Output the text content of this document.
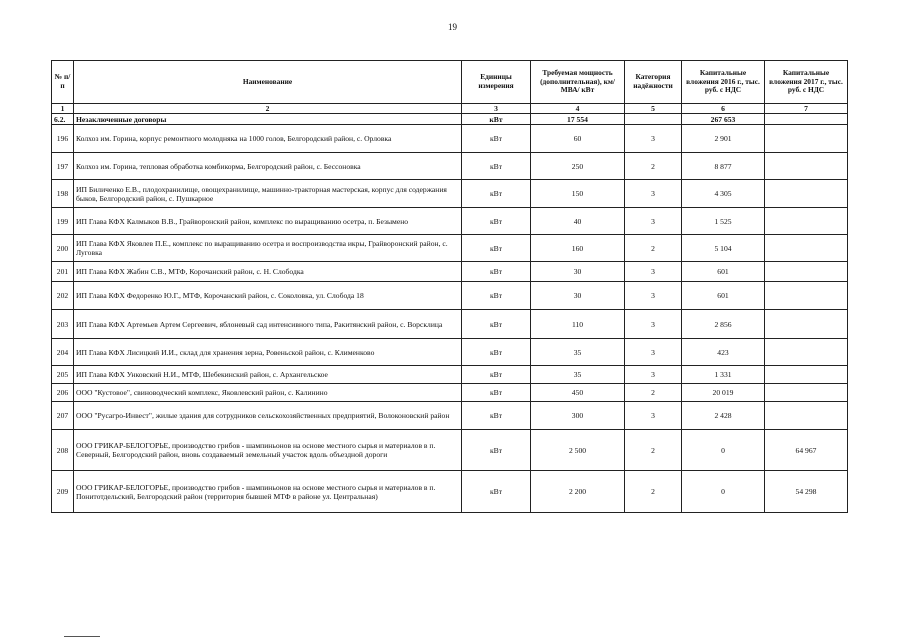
19
№ п/п	Наименование	Единицы измерения	Требуемая мощность (дополнительная), км/ МВА/ кВт	Категория надёжности	Капитальные вложения 2016 г., тыс. руб. с НДС	Капитальные вложения 2017 г., тыс. руб. с НДС
1	2	3	4	5	6	7
6.2.	Незаключенные договоры	кВт	17 554		267 653	
196	Колхоз им. Горина, корпус ремонтного молодняка на 1000 голов, Белгородский район, с. Орловка	кВт	60	3	2 901	
197	Колхоз им. Горина, тепловая обработка комбикорма, Белгородский район, с. Бессоновка	кВт	250	2	8 877	
198	ИП Биличенко Е.В., плодохранилище, овощехранилище, машинно-тракторная мастерская, корпус для содержания быков, Белгородский район, с. Пушкарное	кВт	150	3	4 305	
199	ИП Глава КФХ Калмыков В.В., Грайворонский район, комплекс по выращиванию осетра, п. Безымено	кВт	40	3	1 525	
200	ИП Глава КФХ Яковлев П.Е., комплекс по выращиванию осетра и воспроизводства икры, Грайворонский район, с. Луговка	кВт	160	2	5 104	
201	ИП Глава КФХ Жабин С.В., МТФ, Корочанский район, с. Н. Слободка	кВт	30	3	601	
202	ИП Глава КФХ Федоренко Ю.Г., МТФ, Корочанский район, с. Соколовка, ул. Слобода 18	кВт	30	3	601	
203	ИП Глава КФХ Артемьев Артем Сергеевич, яблоневый сад интенсивного типа, Ракитянский район, с. Ворсклица	кВт	110	3	2 856	
204	ИП Глава КФХ Лисицкий И.И., склад для хранения зерна, Ровеньской район, с. Клименково	кВт	35	3	423	
205	ИП Глава КФХ Унковский Н.И., МТФ, Шебекинский район, с. Архангельское	кВт	35	3	1 331	
206	ООО "Кустовое", свиноводческий комплекс, Яковлевский район, с. Калинино	кВт	450	2	20 019	
207	ООО "Русагро-Инвест", жилые здания для сотрудников сельскохозяйственных предприятий, Волоконовский район	кВт	300	3	2 428	
208	ООО ГРИКАР-БЕЛОГОРЬЕ, производство грибов - шампиньонов на основе местного сырья и материалов в п. Северный, Белгородский район, вновь создаваемый земельный участок вдоль объездной дороги	кВт	2 500	2	0	64 967
209	ООО ГРИКАР-БЕЛОГОРЬЕ, производство грибов - шампиньонов на основе местного сырья и материалов в п. Понитотдельский, Белгородский район (территория бывшей МТФ в районе ул. Центральная)	кВт	2 200	2	0	54 298
